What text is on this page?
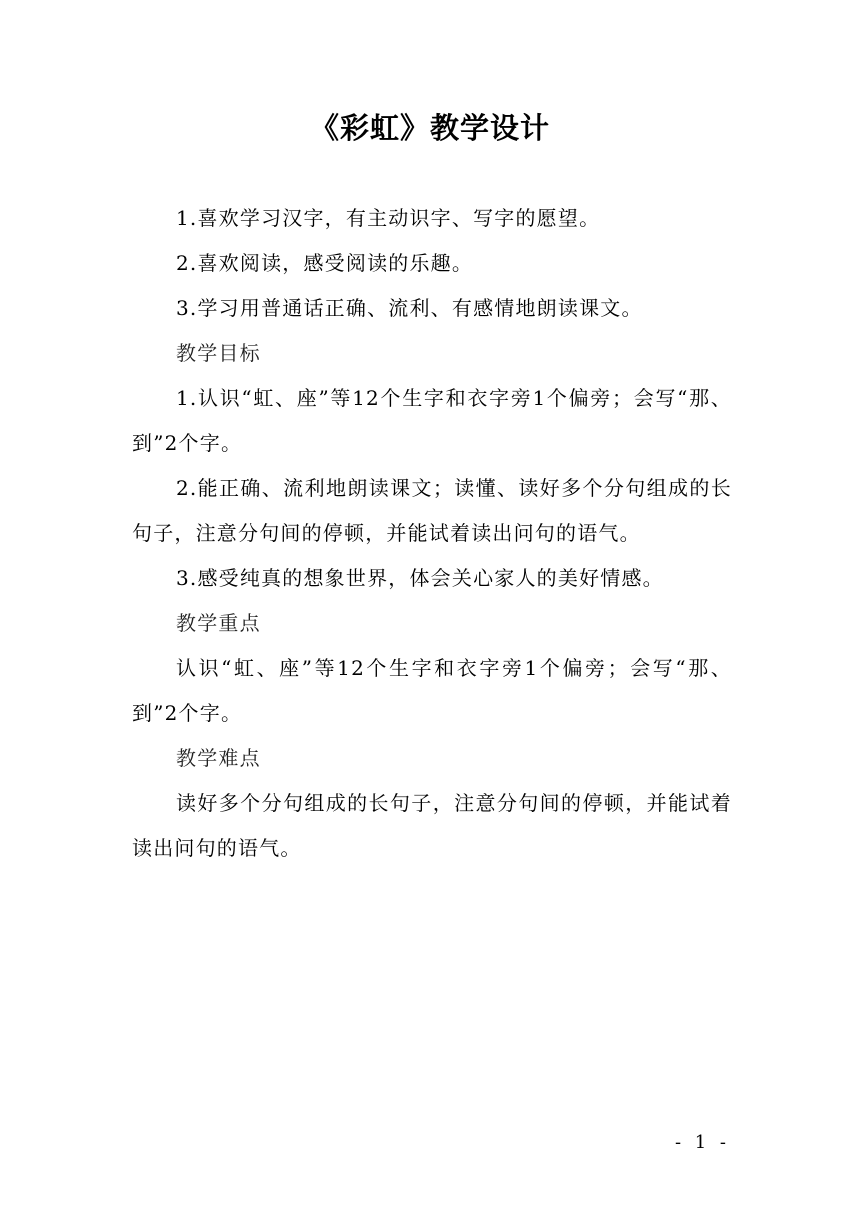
《彩虹》教学设计

1.喜欢学习汉字，有主动识字、写字的愿望。

2.喜欢阅读，感受阅读的乐趣。

3.学习用普通话正确、流利、有感情地朗读课文。

教学目标

1.认识“虹、座”等12个生字和衣字旁1个偏旁；会写“那、到”2个字。

2.能正确、流利地朗读课文；读懂、读好多个分句组成的长句子，注意分句间的停顿，并能试着读出问句的语气。

3.感受纯真的想象世界，体会关心家人的美好情感。

教学重点

认识“虹、座”等12个生字和衣字旁1个偏旁；会写“那、到”2个字。

教学难点

读好多个分句组成的长句子，注意分句间的停顿，并能试着读出问句的语气。

- 1 -
